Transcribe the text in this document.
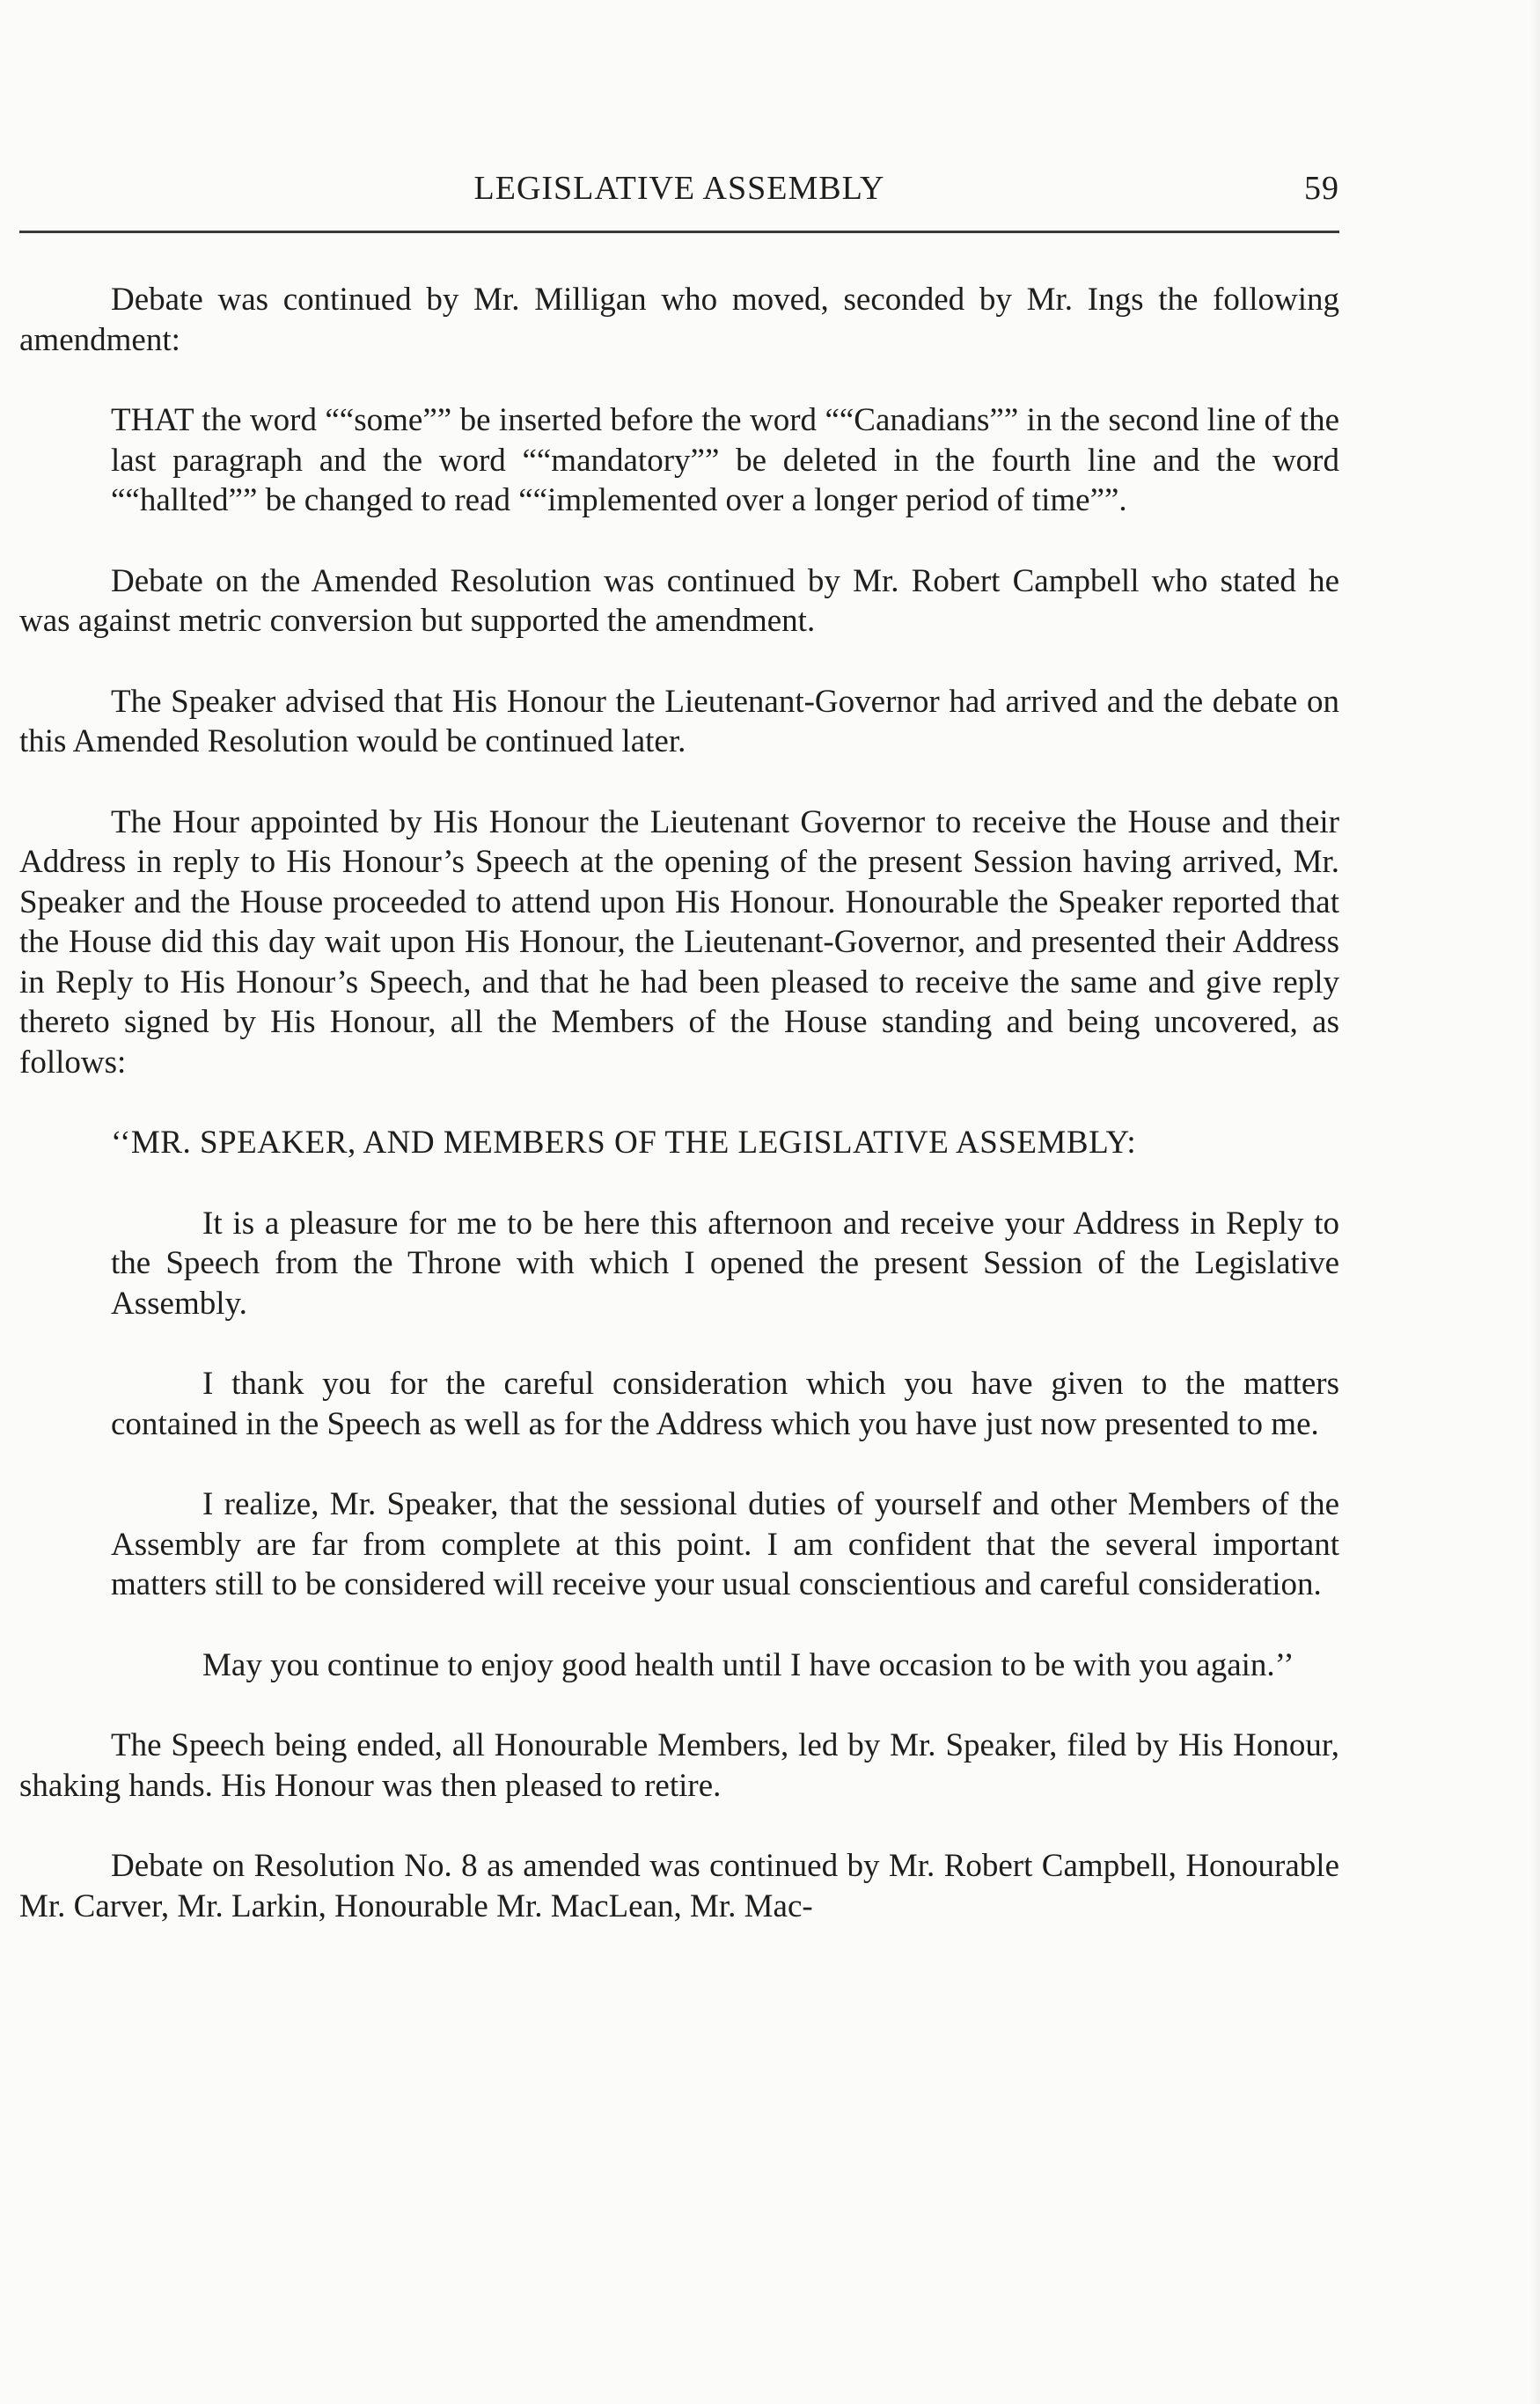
LEGISLATIVE ASSEMBLY	59

Debate was continued by Mr. Milligan who moved, seconded by Mr. Ings the following amendment:

THAT the word ““some”” be inserted before the word ““Canadians”” in the second line of the last paragraph and the word ““mandatory”” be deleted in the fourth line and the word ““hallted”” be changed to read ““implemented over a longer period of time””.

Debate on the Amended Resolution was continued by Mr. Robert Campbell who stated he was against metric conversion but supported the amendment.

The Speaker advised that His Honour the Lieutenant-Governor had arrived and the debate on this Amended Resolution would be continued later.

The Hour appointed by His Honour the Lieutenant Governor to receive the House and their Address in reply to His Honour’s Speech at the opening of the present Session having arrived, Mr. Speaker and the House proceeded to attend upon His Honour. Honourable the Speaker reported that the House did this day wait upon His Honour, the Lieutenant-Governor, and presented their Address in Reply to His Honour’s Speech, and that he had been pleased to receive the same and give reply thereto signed by His Honour, all the Members of the House standing and being uncovered, as follows:

‘‘MR. SPEAKER, AND MEMBERS OF THE LEGISLATIVE ASSEMBLY:

It is a pleasure for me to be here this afternoon and receive your Address in Reply to the Speech from the Throne with which I opened the present Session of the Legislative Assembly.

I thank you for the careful consideration which you have given to the matters contained in the Speech as well as for the Address which you have just now presented to me.

I realize, Mr. Speaker, that the sessional duties of yourself and other Members of the Assembly are far from complete at this point. I am confident that the several important matters still to be considered will receive your usual conscientious and careful consideration.

May you continue to enjoy good health until I have occasion to be with you again.’’

The Speech being ended, all Honourable Members, led by Mr. Speaker, filed by His Honour, shaking hands. His Honour was then pleased to retire.

Debate on Resolution No. 8 as amended was continued by Mr. Robert Campbell, Honourable Mr. Carver, Mr. Larkin, Honourable Mr. MacLean, Mr. Mac-
